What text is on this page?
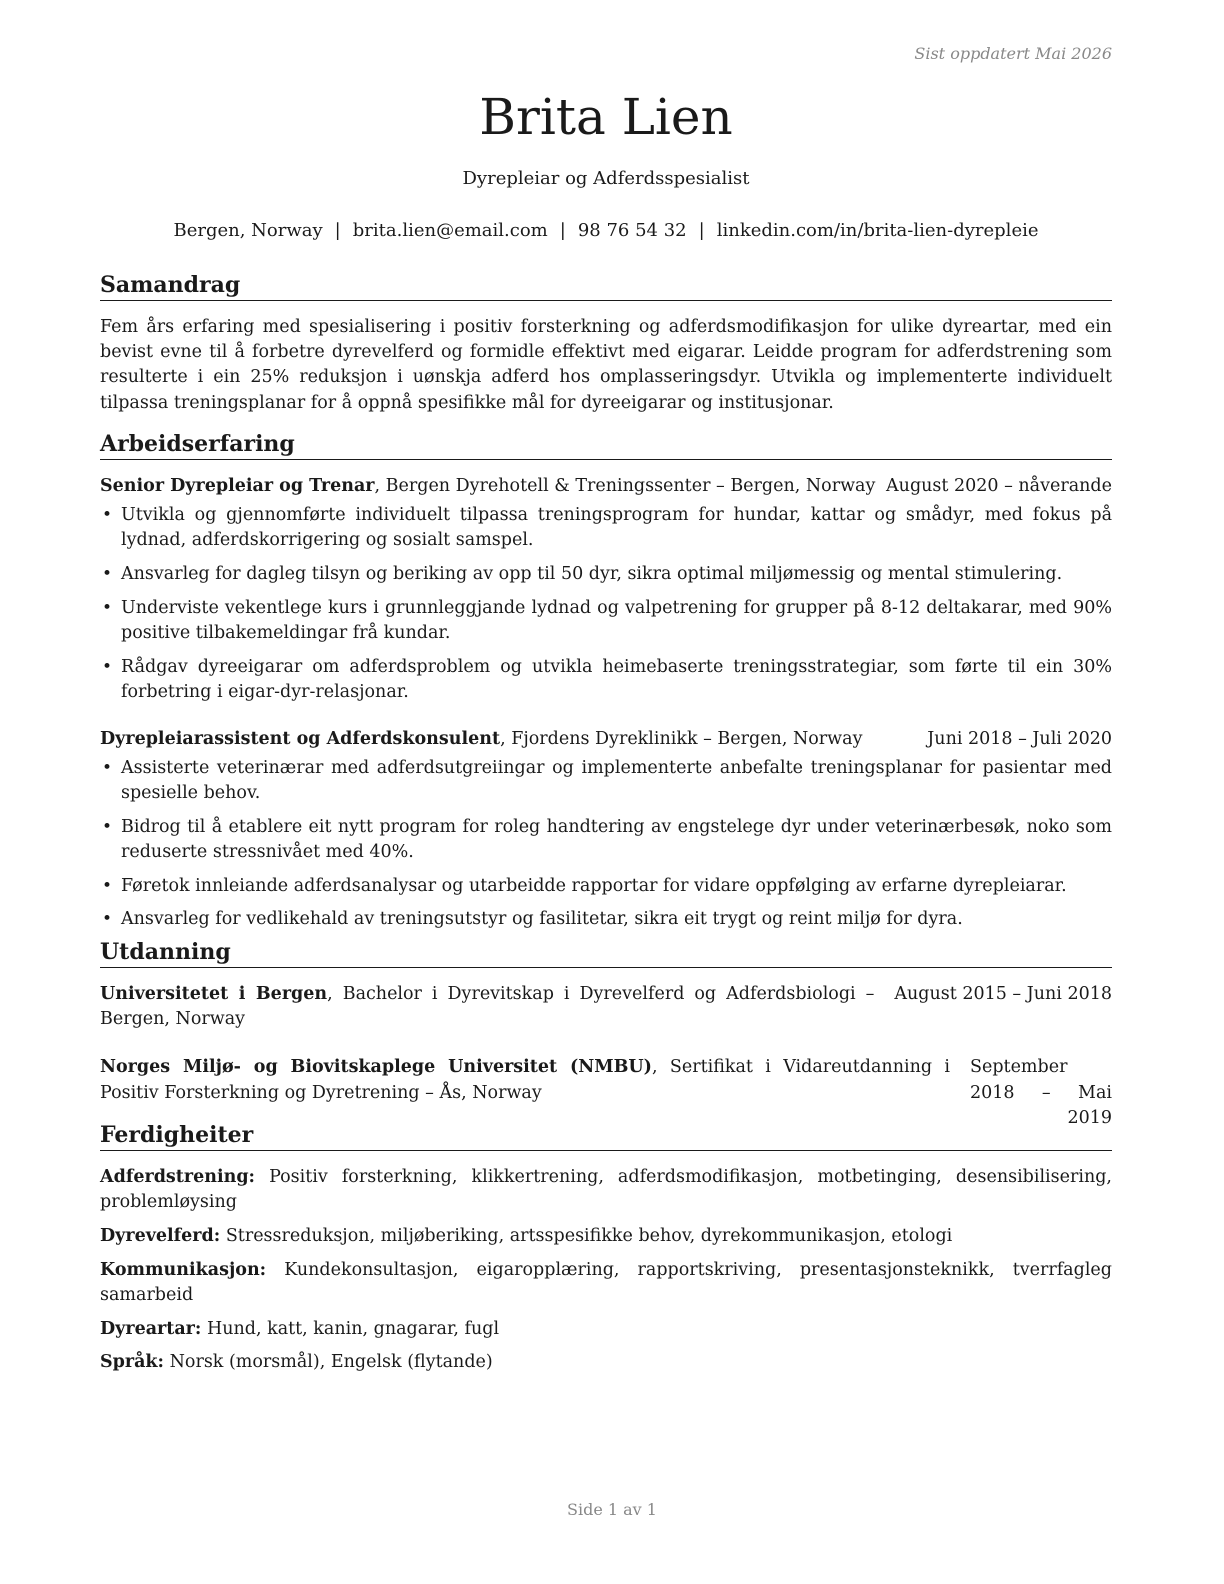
Sist oppdatert Mai 2026
Brita Lien
Dyrepleiar og Adferdsspesialist
Bergen, Norway | brita.lien@email.com | 98 76 54 32 | linkedin.com/in/brita-lien-dyrepleie
Samandrag
Fem års erfaring med spesialisering i positiv forsterkning og adferdsmodifikasjon for ulike dyreartar, med ein bevist evne til å forbetre dyrevelferd og formidle effektivt med eigarar. Leidde program for adferdstrening som resulterte i ein 25% reduksjon i uønskja adferd hos omplasseringsdyr. Utvikla og implementerte individuelt tilpassa treningsplanar for å oppnå spesifikke mål for dyreeigarar og institusjonar.
Arbeidserfaring
Senior Dyrepleiar og Trenar, Bergen Dyrehotell & Treningssenter – Bergen, Norway August 2020 – nåverande
• Utvikla og gjennomførte individuelt tilpassa treningsprogram for hundar, kattar og smådyr, med fokus på lydnad, adferdskorrigering og sosialt samspel.
• Ansvarleg for dagleg tilsyn og beriking av opp til 50 dyr, sikra optimal miljømessig og mental stimulering.
• Underviste vekentlege kurs i grunnleggjande lydnad og valpetrening for grupper på 8-12 deltakarar, med 90% positive tilbakemeldingar frå kundar.
• Rådgav dyreeigarar om adferdsproblem og utvikla heimebaserte treningsstrategiar, som førte til ein 30% forbetring i eigar-dyr-relasjonar.
Dyrepleiarassistent og Adferdskonsulent, Fjordens Dyreklinikk – Bergen, Norway	Juni 2018 – Juli 2020
• Assisterte veterinærar med adferdsutgreiingar og implementerte anbefalte treningsplanar for pasientar med spesielle behov.
• Bidrog til å etablere eit nytt program for roleg handtering av engstelege dyr under veterinærbesøk, noko som reduserte stressnivået med 40%.
• Føretok innleiande adferdsanalysar og utarbeidde rapportar for vidare oppfølging av erfarne dyrepleiarar.
• Ansvarleg for vedlikehald av treningsutstyr og fasilitetar, sikra eit trygt og reint miljø for dyra.
Utdanning
Universitetet i Bergen, Bachelor i Dyrevitskap i Dyrevelferd og Adferdsbiologi – Bergen, Norway
August 2015 – Juni 2018
Norges Miljø- og Biovitskaplege Universitet (NMBU), Sertifikat i Vidareutdanning i Positiv Forsterkning og Dyretrening – Ås, Norway
September 2018 – Mai 2019
Ferdigheiter
Adferdstrening: Positiv forsterkning, klikkertrening, adferdsmodifikasjon, motbetinging, desensibilisering, problemløysing
Dyrevelferd: Stressreduksjon, miljøberiking, artsspesifikke behov, dyrekommunikasjon, etologi
Kommunikasjon: Kundekonsultasjon, eigaropplæring, rapportskriving, presentasjonsteknikk, tverrfagleg samarbeid
Dyreartar: Hund, katt, kanin, gnagarar, fugl
Språk: Norsk (morsmål), Engelsk (flytande)
Side 1 av 1
